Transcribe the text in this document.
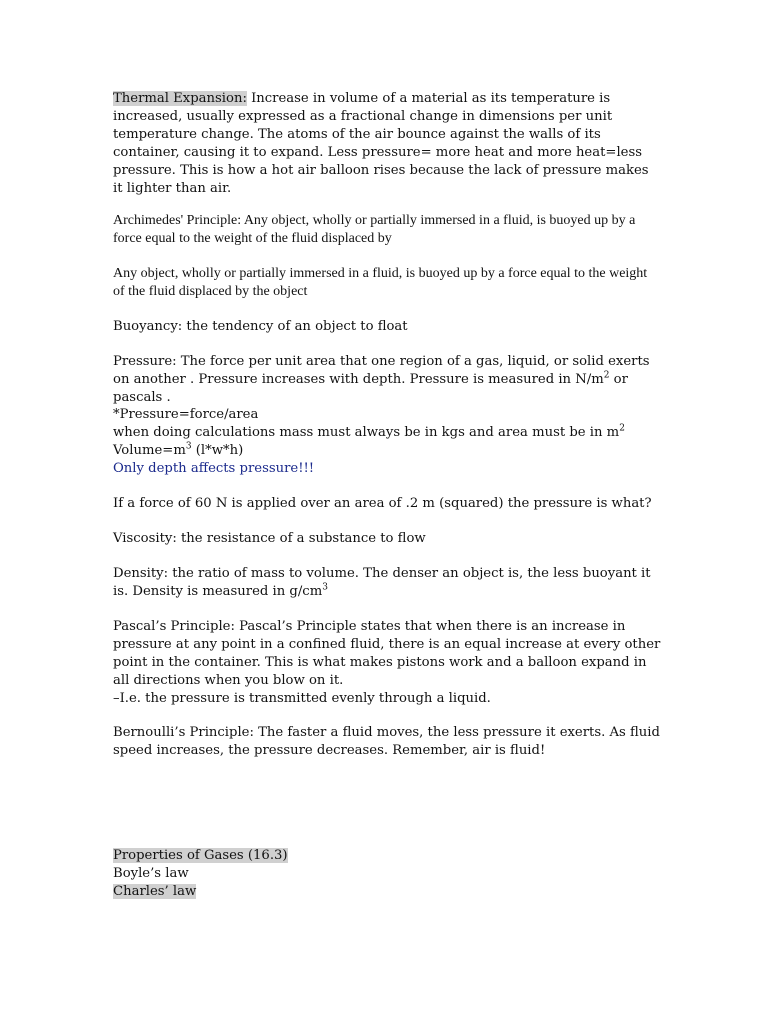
Thermal Expansion: Increase in volume of a material as its temperature is increased, usually expressed as a fractional change in dimensions per unit temperature change. The atoms of the air bounce against the walls of its container, causing it to expand. Less pressure= more heat and more heat=less pressure. This is how a hot air balloon rises because the lack of pressure makes it lighter than air.

Archimedes' Principle: Any object, wholly or partially immersed in a fluid, is buoyed up by a force equal to the weight of the fluid displaced by

Any object, wholly or partially immersed in a fluid, is buoyed up by a force equal to the weight of the fluid displaced by the object

Buoyancy: the tendency of an object to float

Pressure: The force per unit area that one region of a gas, liquid, or solid exerts on another . Pressure increases with depth. Pressure is measured in $N/m^2$ or pascals .

*Pressure=force/area
when doing calculations mass must always be in kgs and area must be in $m^2$
$Volume=m^3$ (l*w*h)
Only depth affects pressure!!!

If a force of 60 N is applied over an area of .2 m (squared) the pressure is what?

Viscosity: the resistance of a substance to flow

Density: the ratio of mass to volume. The denser an object is, the less buoyant it is. Density is measured in $g/cm^3$

Pascal’s Principle: Pascal’s Principle states that when there is an increase in pressure at any point in a confined fluid, there is an equal increase at every other point in the container. This is what makes pistons work and a balloon expand in all directions when you blow on it.
–I.e. the pressure is transmitted evenly through a liquid.

Bernoulli’s Principle: The faster a fluid moves, the less pressure it exerts. As fluid speed increases, the pressure decreases. Remember, air is fluid!

Properties of Gases (16.3)
Boyle’s law
Charles’ law
